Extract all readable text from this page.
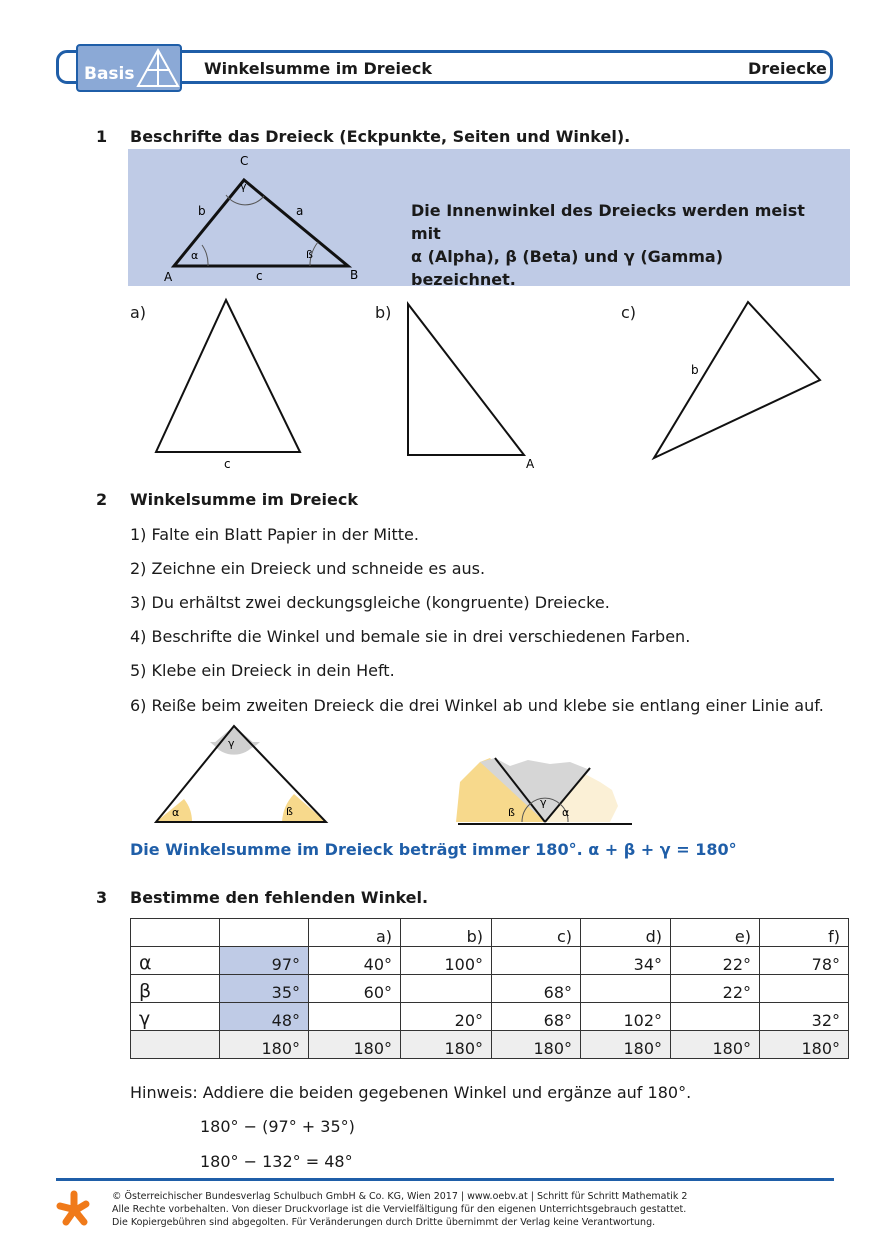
Basis	Winkelsumme im Dreieck	Dreiecke
1 Beschrifte das Dreieck (Eckpunkte, Seiten und Winkel).
C
A	B
b	a
c
α	ß
γ
Die Innenwinkel des Dreiecks werden meist mit
α (Alpha), β (Beta) und γ (Gamma) bezeichnet.
a)	b)	c)
c	A
b
2 Winkelsumme im Dreieck
1) Falte ein Blatt Papier in der Mitte.
2) Zeichne ein Dreieck und schneide es aus.
3) Du erhältst zwei deckungsgleiche (kongruente) Dreiecke.
4) Beschrifte die Winkel und bemale sie in drei verschiedenen Farben.
5) Klebe ein Dreieck in dein Heft.
6) Reiße beim zweiten Dreieck die drei Winkel ab und klebe sie entlang einer Linie auf.
α	ß
γ
ß
γ
α
Die Winkelsumme im Dreieck beträgt immer 180°. α + β + γ = 180°
3 Bestimme den fehlenden Winkel.
		a)	b)	c)	d)	e)	f)
α	97°	40°	100°		34°	22°	78°
β	35°	60°		68°		22°	
γ	48°		20°	68°	102°		32°
	180°	180°	180°	180°	180°	180°	180°
Hinweis: Addiere die beiden gegebenen Winkel und ergänze auf 180°.
180° − (97° + 35°)
180° − 132° = 48°
© Österreichischer Bundesverlag Schulbuch GmbH & Co. KG, Wien 2017 | www.oebv.at | Schritt für Schritt Mathematik 2
Alle Rechte vorbehalten. Von dieser Druckvorlage ist die Vervielfältigung für den eigenen Unterrichtsgebrauch gestattet.
Die Kopiergebühren sind abgegolten. Für Veränderungen durch Dritte übernimmt der Verlag keine Verantwortung.
